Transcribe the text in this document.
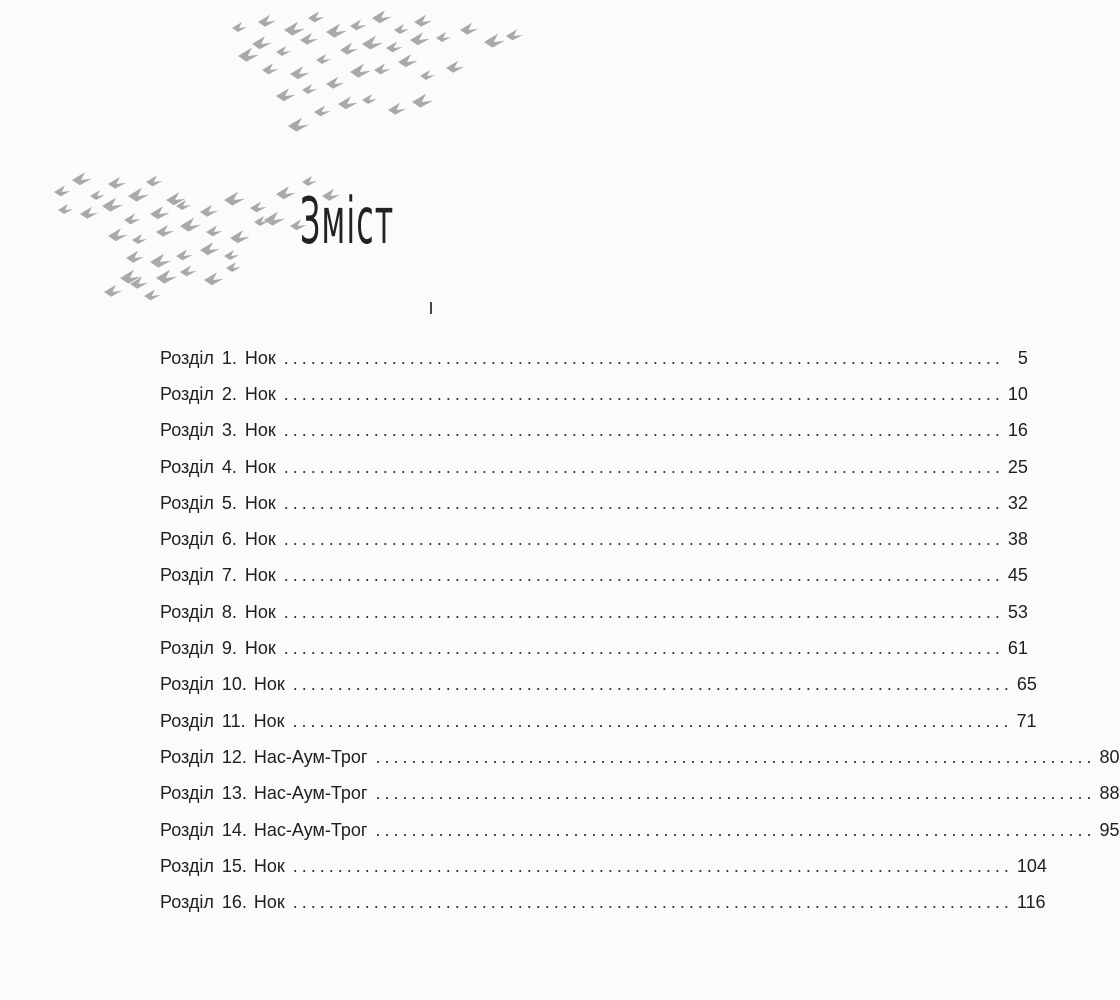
Зміст
Розділ 1. Нок ................................................................................ 5
Розділ 2. Нок ................................................................................ 10
Розділ 3. Нок ................................................................................ 16
Розділ 4. Нок ................................................................................ 25
Розділ 5. Нок ................................................................................ 32
Розділ 6. Нок ................................................................................ 38
Розділ 7. Нок ................................................................................ 45
Розділ 8. Нок ................................................................................ 53
Розділ 9. Нок ................................................................................ 61
Розділ 10. Нок ................................................................................ 65
Розділ 11. Нок ................................................................................ 71
Розділ 12. Нас-Аум-Трог ................................................................................ 80
Розділ 13. Нас-Аум-Трог ................................................................................ 88
Розділ 14. Нас-Аум-Трог ................................................................................ 95
Розділ 15. Нок ................................................................................ 104
Розділ 16. Нок ................................................................................ 116
